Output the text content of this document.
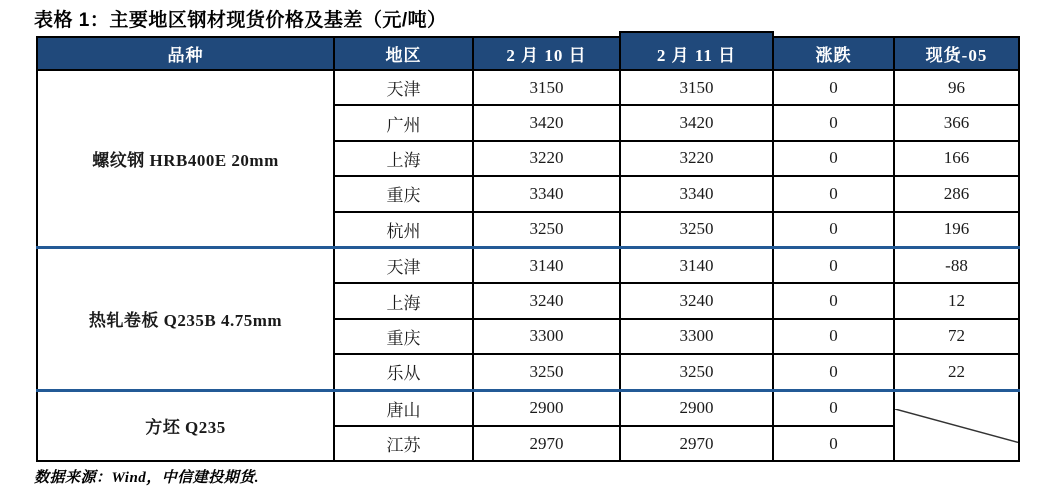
表格 1：主要地区钢材现货价格及基差（元/吨）
品种	地区	2 月 10 日	2 月 11 日	涨跌	现货-05
螺纹钢 HRB400E 20mm	天津	3150	3150	0	96
	广州	3420	3420	0	366
	上海	3220	3220	0	166
	重庆	3340	3340	0	286
	杭州	3250	3250	0	196
热轧卷板 Q235B 4.75mm	天津	3140	3140	0	-88
	上海	3240	3240	0	12
	重庆	3300	3300	0	72
	乐从	3250	3250	0	22
方坯 Q235	唐山	2900	2900	0	

	江苏	2970	2970	0	
数据来源：Wind，中信建投期货.
